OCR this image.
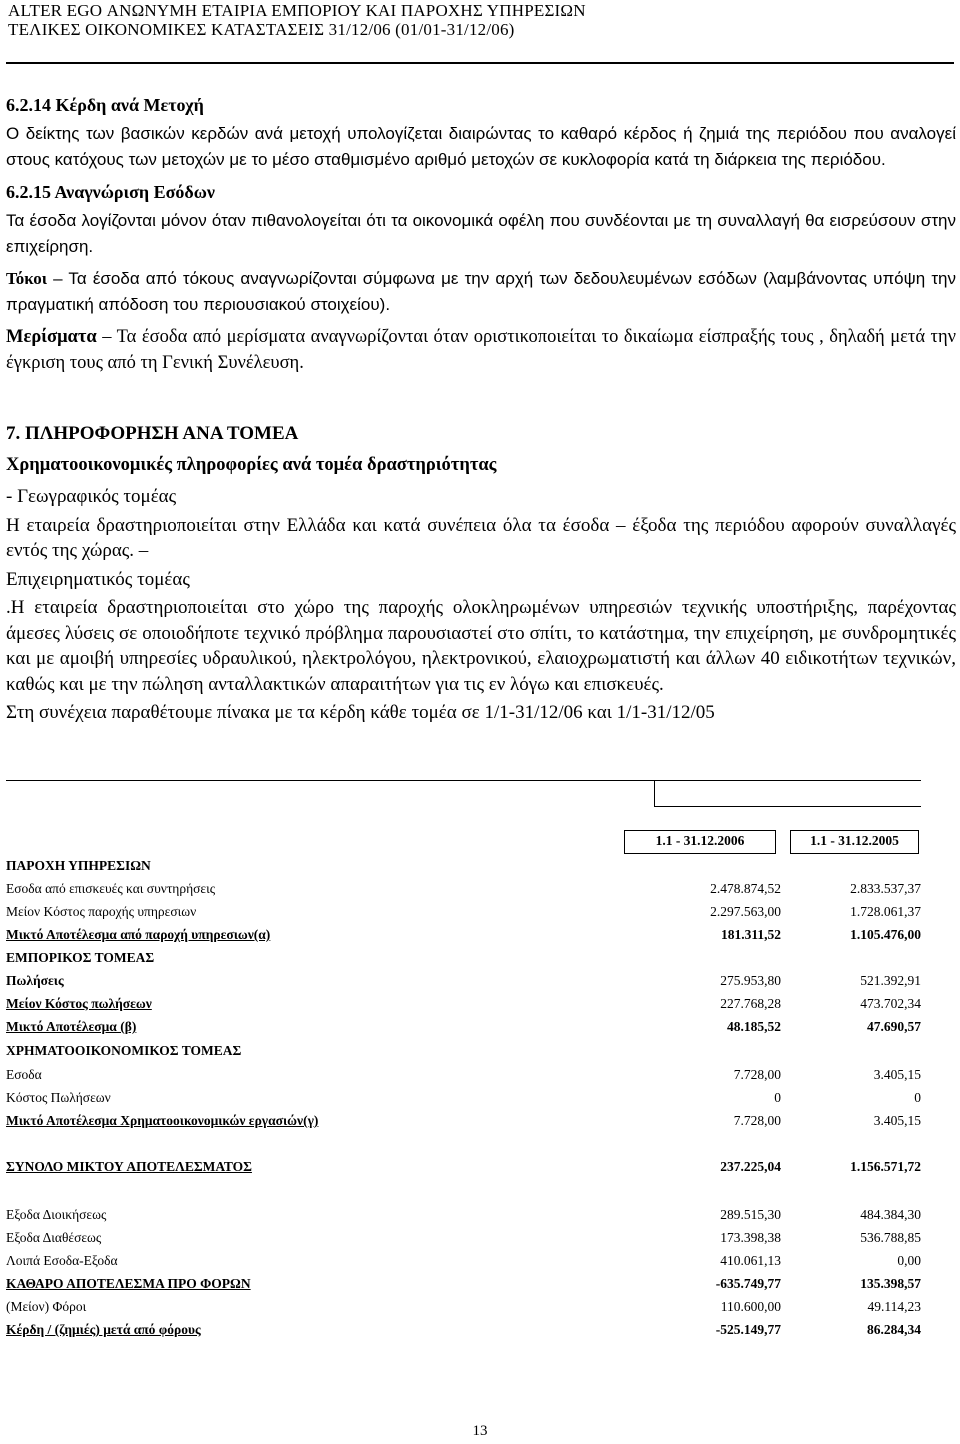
ALTER EGO ΑΝΩΝΥΜΗ ΕΤΑΙΡΙΑ ΕΜΠΟΡΙΟΥ ΚΑΙ ΠΑΡΟΧΗΣ ΥΠΗΡΕΣΙΩΝ
ΤΕΛΙΚΕΣ ΟΙΚΟΝΟΜΙΚΕΣ ΚΑΤΑΣΤΑΣΕΙΣ 31/12/06 (01/01-31/12/06)

6.2.14 Κέρδη ανά Μετοχή

Ο δείκτης των βασικών κερδών ανά μετοχή υπολογίζεται διαιρώντας το καθαρό κέρδος ή ζημιά της περιόδου που αναλογεί στους κατόχους των μετοχών με το μέσο σταθμισμένο αριθμό μετοχών σε κυκλοφορία κατά τη διάρκεια της περιόδου.

6.2.15 Αναγνώριση Εσόδων

Τα έσοδα λογίζονται μόνον όταν πιθανολογείται ότι τα οικονομικά οφέλη που συνδέονται με τη συναλλαγή θα εισρεύσουν στην επιχείρηση.

Τόκοι – Τα έσοδα από τόκους αναγνωρίζονται σύμφωνα με την αρχή των δεδουλευμένων εσόδων (λαμβάνοντας υπόψη την πραγματική απόδοση του περιουσιακού στοιχείου).

Μερίσματα – Τα έσοδα από μερίσματα αναγνωρίζονται όταν οριστικοποιείται το δικαίωμα είσπραξής τους , δηλαδή μετά την έγκριση τους από τη Γενική Συνέλευση.

7. ΠΛΗΡΟΦΟΡΗΣΗ ΑΝΑ ΤΟΜΕΑ

Χρηματοοικονομικές πληροφορίες ανά τομέα δραστηριότητας

- Γεωγραφικός τομέας

Η εταιρεία δραστηριοποιείται στην Ελλάδα και κατά συνέπεια όλα τα έσοδα – έξοδα της περιόδου αφορούν συναλλαγές εντός της χώρας. –

Επιχειρηματικός τομέας

.Η εταιρεία δραστηριοποιείται στο χώρο της παροχής ολοκληρωμένων υπηρεσιών τεχνικής υποστήριξης, παρέχοντας άμεσες λύσεις σε οποιοδήποτε τεχνικό πρόβλημα παρουσιαστεί στο σπίτι, το κατάστημα, την επιχείρηση, με συνδρομητικές και με αμοιβή υπηρεσίες υδραυλικού, ηλεκτρολόγου, ηλεκτρονικού, ελαιοχρωματιστή και άλλων 40 ειδικοτήτων τεχνικών, καθώς και με την πώληση ανταλλακτικών απαραιτήτων για τις εν λόγω και επισκευές.

Στη συνέχεια παραθέτουμε πίνακα με τα κέρδη κάθε τομέα σε 1/1-31/12/06 και 1/1-31/12/05

1.1 - 31.12.2006	1.1 - 31.12.2005
ΠΑΡΟΧΗ ΥΠΗΡΕΣΙΩΝ
Εσοδα από επισκευές και συντηρήσεις	2.478.874,52	2.833.537,37
Μείον Κόστος παροχής υπηρεσιων	2.297.563,00	1.728.061,37
Μικτό Αποτέλεσμα από παροχή υπηρεσιων(α)	181.311,52	1.105.476,00
ΕΜΠΟΡΙΚΟΣ ΤΟΜΕΑΣ
Πωλήσεις	275.953,80	521.392,91
Μείον Κόστος πωλήσεων	227.768,28	473.702,34
Μικτό Αποτέλεσμα (β)	48.185,52	47.690,57
ΧΡΗΜΑΤΟΟΙΚΟΝΟΜΙΚΟΣ ΤΟΜΕΑΣ
Εσοδα	7.728,00	3.405,15
Κόστος Πωλήσεων	0	0
Μικτό Αποτέλεσμα Χρηματοοικονομικών εργασιών(γ)	7.728,00	3.405,15
ΣΥΝΟΛΟ ΜΙΚΤΟΥ ΑΠΟΤΕΛΕΣΜΑΤΟΣ	237.225,04	1.156.571,72
Εξοδα Διοικήσεως	289.515,30	484.384,30
Εξοδα Διαθέσεως	173.398,38	536.788,85
Λοιπά Εσοδα-Εξοδα	410.061,13	0,00
ΚΑΘΑΡΟ ΑΠΟΤΕΛΕΣΜΑ ΠΡΟ ΦΟΡΩΝ	-635.749,77	135.398,57
(Μείον) Φόροι	110.600,00	49.114,23
Κέρδη / (ζημιές) μετά από φόρους	-525.149,77	86.284,34
13
